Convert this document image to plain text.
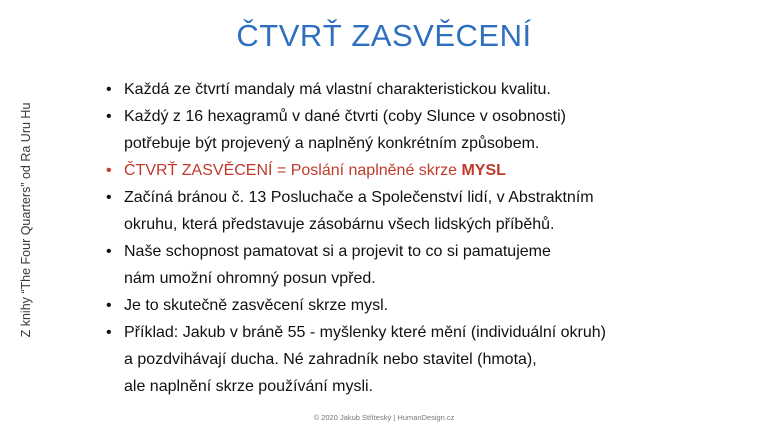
ČTVRŤ ZASVĚCENÍ
Z knihy “The Four Quarters” od Ra Uru Hu
• Každá ze čtvrtí mandaly má vlastní charakteristickou kvalitu.
• Každý z 16 hexagramů v dané čtvrti (coby Slunce v osobnosti)
potřebuje být projevený a naplněný konkrétním způsobem.
• ČTVRŤ ZASVĚCENÍ = Poslání naplněné skrze MYSL
• Začíná bránou č. 13 Posluchače a Společenství lidí, v Abstraktním
okruhu, která představuje zásobárnu všech lidských příběhů.
• Naše schopnost pamatovat si a projevit to co si pamatujeme
nám umožní ohromný posun vpřed.
• Je to skutečně zasvěcení skrze mysl.
• Příklad: Jakub v bráně 55 - myšlenky které mění (individuální okruh)
a pozdvihávají ducha. Né zahradník nebo stavitel (hmota),
ale naplnění skrze používání mysli.
© 2020 Jakub Stříteský | HumanDesign.cz
